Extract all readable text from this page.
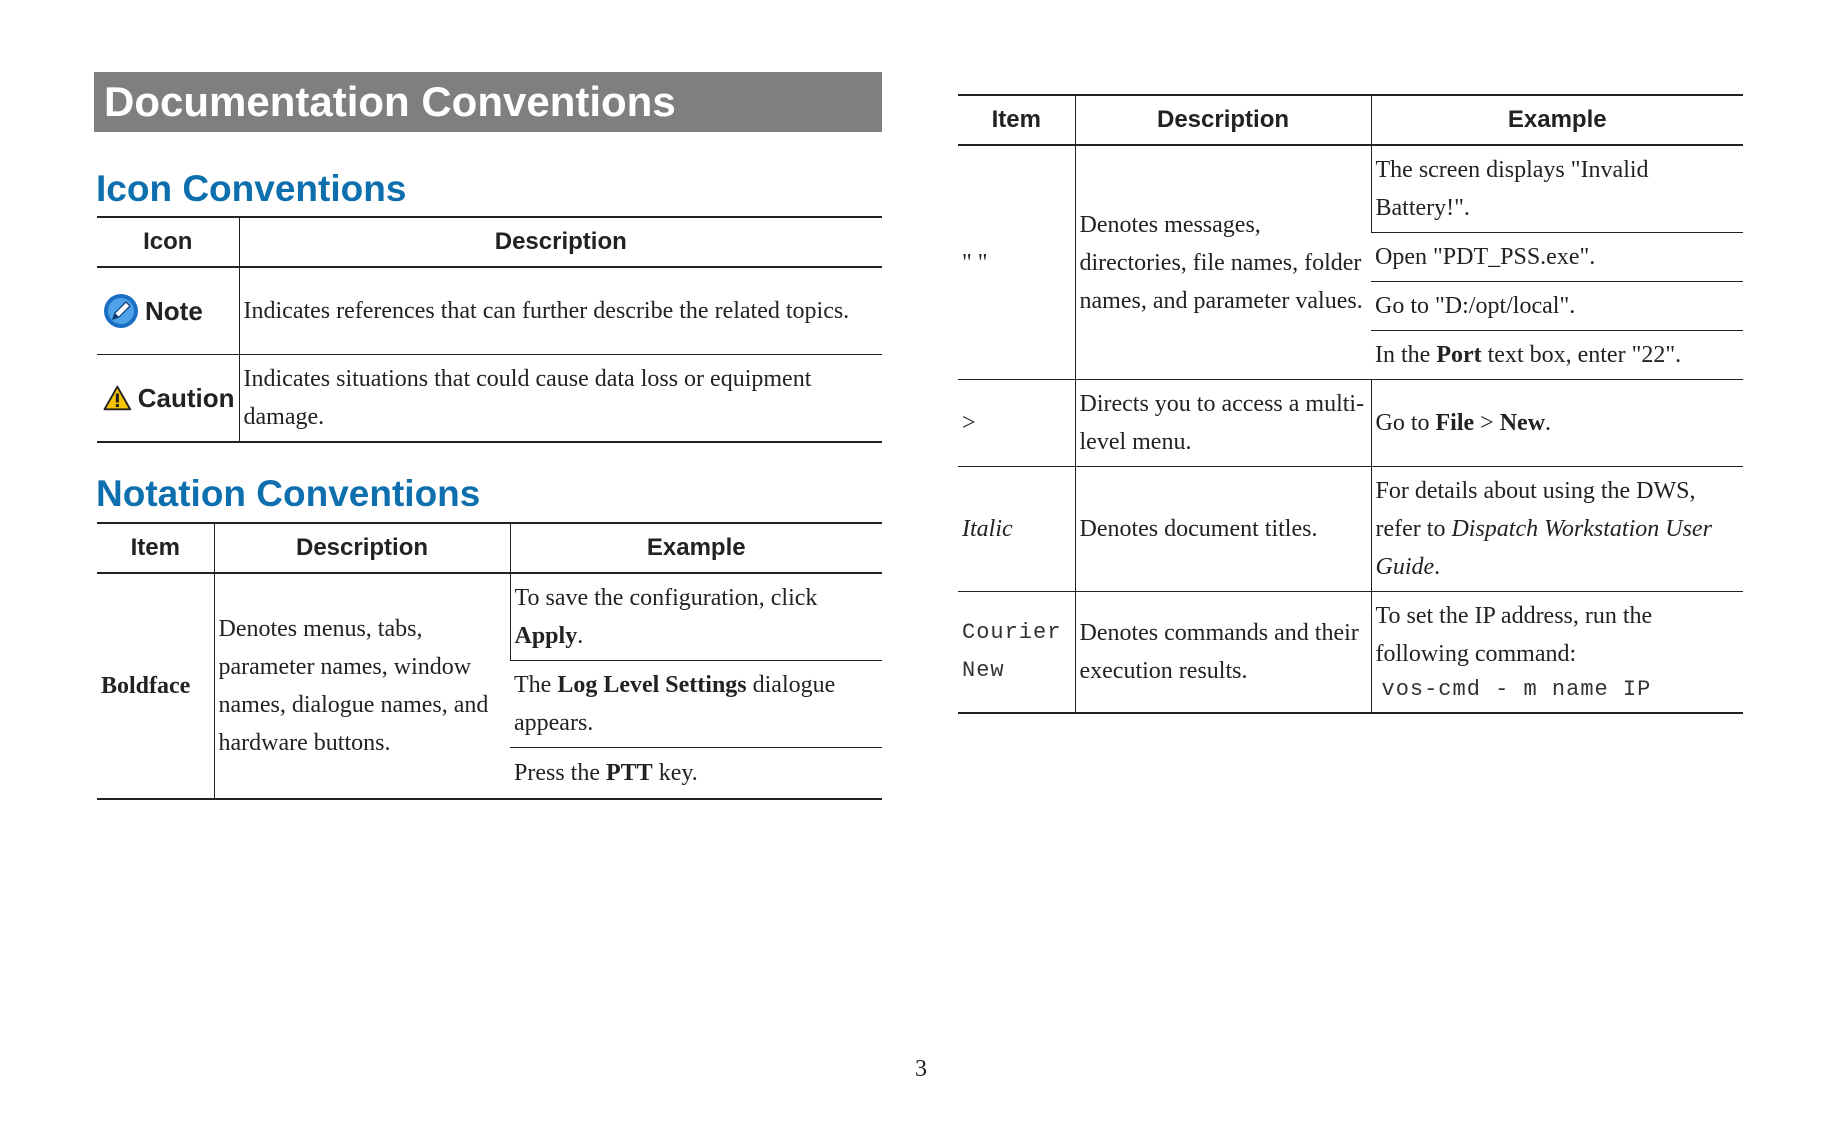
Documentation Conventions
Icon Conventions
Icon	Description

Note	Indicates references that can further describe the related topics.

Caution	Indicates situations that could cause data loss or equipment damage.
Notation Conventions
Item	Description	Example
Boldface	Denotes menus, tabs, parameter names, window names, dialogue names, and hardware buttons.	To save the configuration, click Apply.
		The Log Level Settings dialogue appears.
		Press the PTT key.
Item	Description	Example
" "	Denotes messages, directories, file names, folder names, and parameter values.	The screen displays "Invalid Battery!".
		Open "PDT_PSS.exe".
		Go to "D:/opt/local".
		In the Port text box, enter "22".
>	Directs you to access a multi-level menu.	Go to File > New.
Italic	Denotes document titles.	For details about using the DWS, refer to Dispatch Workstation User Guide.
Courier New	Denotes commands and their execution results.	To set the IP address, run the following command:
vos-cmd - m name IP
3
